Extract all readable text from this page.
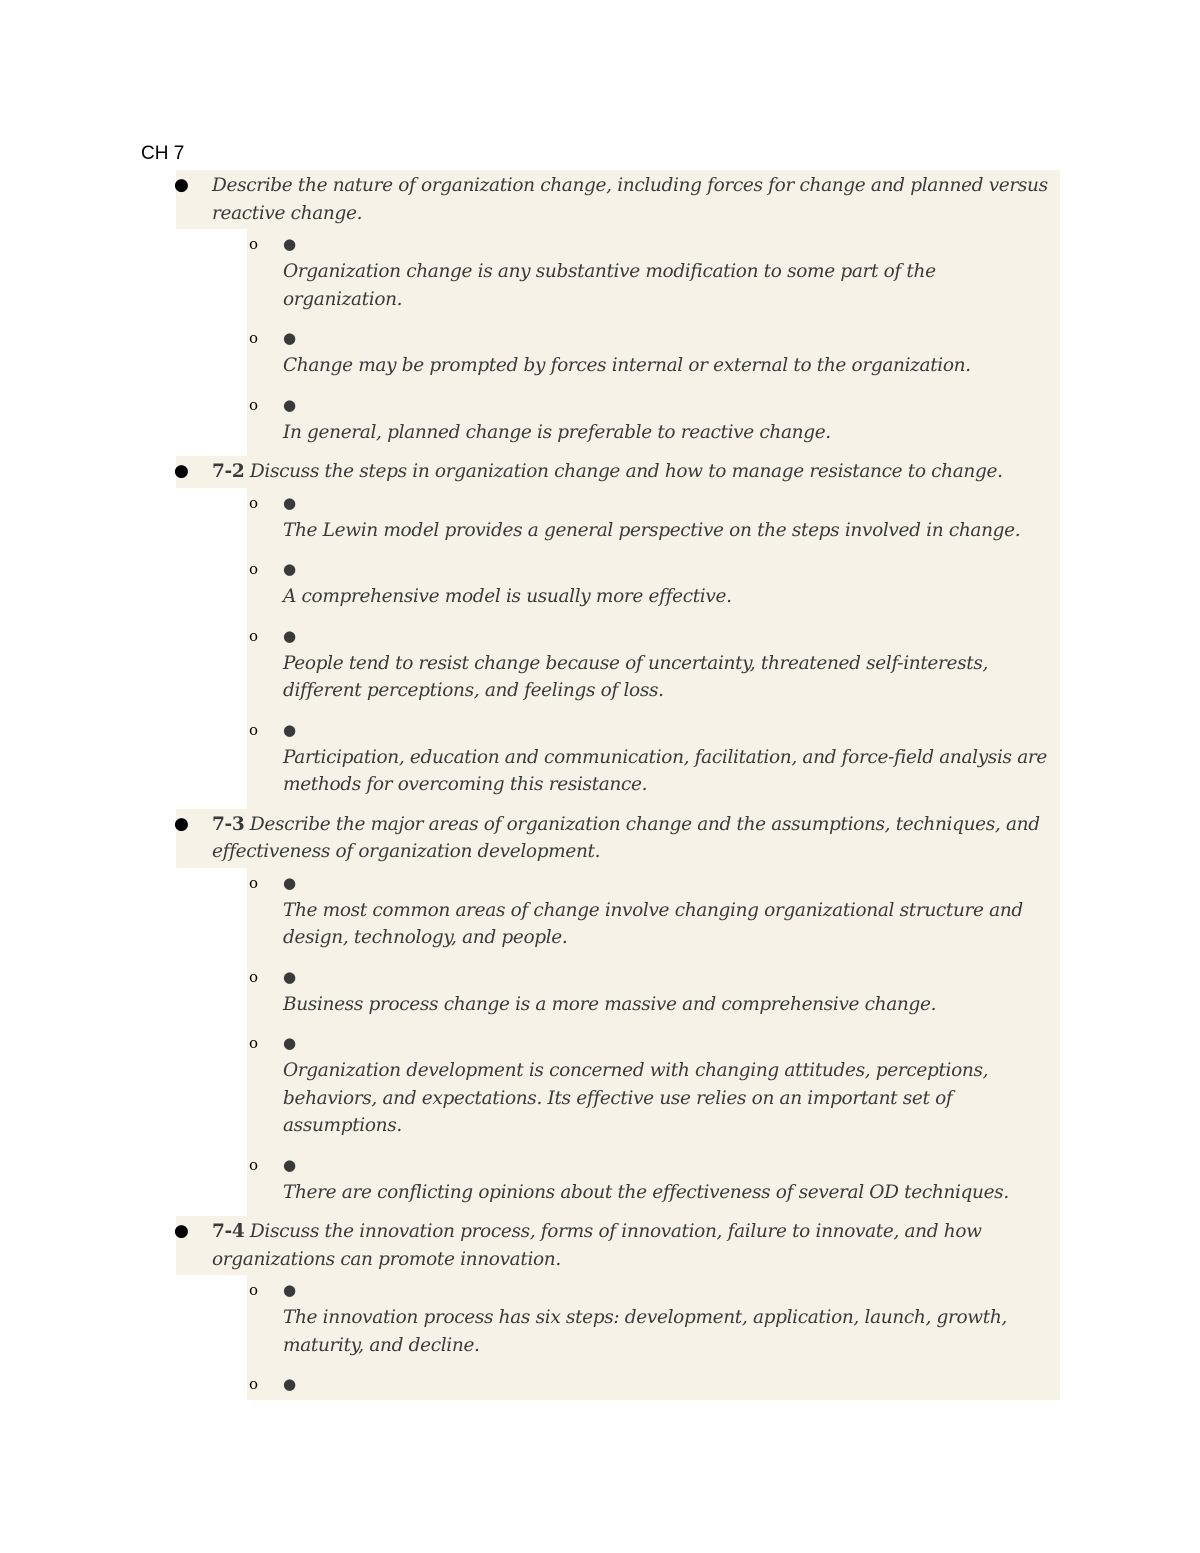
CH 7
● Describe the nature of organization change, including forces for change and planned versus reactive change.
o ●
Organization change is any substantive modification to some part of the organization.
o ●
Change may be prompted by forces internal or external to the organization.
o ●
In general, planned change is preferable to reactive change.
● 7-2 Discuss the steps in organization change and how to manage resistance to change.
o ●
The Lewin model provides a general perspective on the steps involved in change.
o ●
A comprehensive model is usually more effective.
o ●
People tend to resist change because of uncertainty, threatened self-interests, different perceptions, and feelings of loss.
o ●
Participation, education and communication, facilitation, and force-field analysis are methods for overcoming this resistance.
● 7-3 Describe the major areas of organization change and the assumptions, techniques, and effectiveness of organization development.
o ●
The most common areas of change involve changing organizational structure and design, technology, and people.
o ●
Business process change is a more massive and comprehensive change.
o ●
Organization development is concerned with changing attitudes, perceptions, behaviors, and expectations. Its effective use relies on an important set of assumptions.
o ●
There are conflicting opinions about the effectiveness of several OD techniques.
● 7-4 Discuss the innovation process, forms of innovation, failure to innovate, and how organizations can promote innovation.
o ●
The innovation process has six steps: development, application, launch, growth, maturity, and decline.
o ●
